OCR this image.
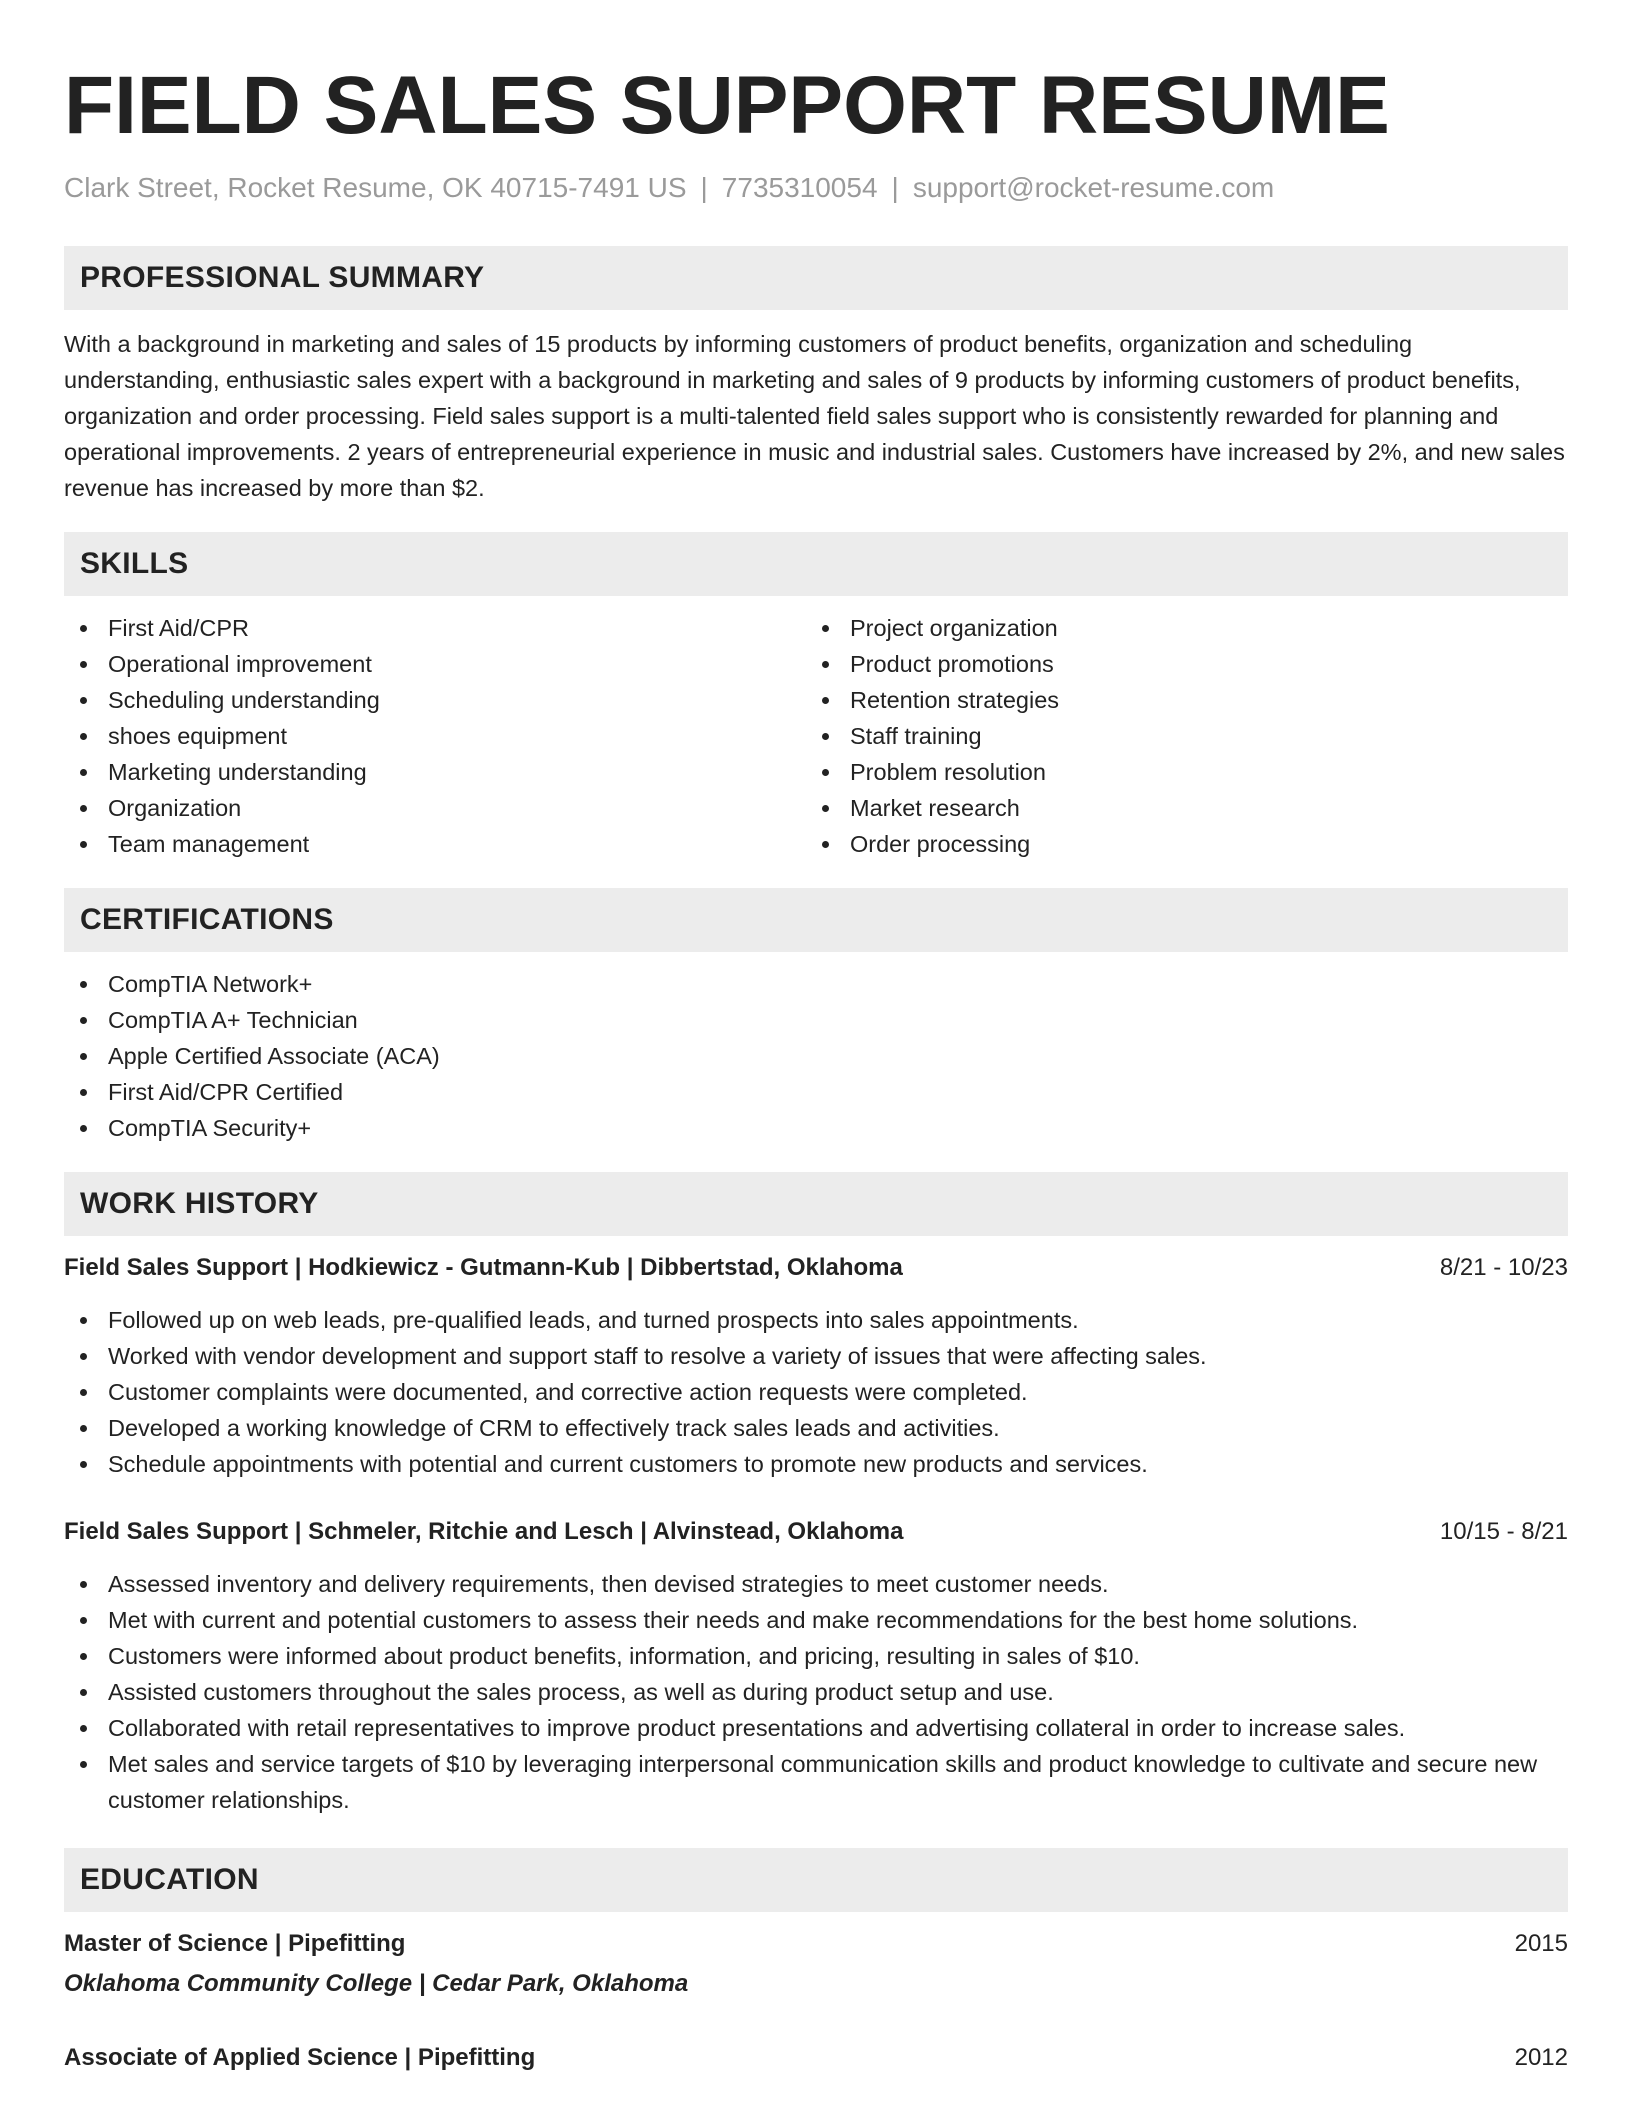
FIELD SALES SUPPORT RESUME
Clark Street, Rocket Resume, OK 40715-7491 US | 7735310054 | support@rocket-resume.com
PROFESSIONAL SUMMARY

With a background in marketing and sales of 15 products by informing customers of product benefits, organization and scheduling understanding, enthusiastic sales expert with a background in marketing and sales of 9 products by informing customers of product benefits, organization and order processing. Field sales support is a multi-talented field sales support who is consistently rewarded for planning and operational improvements. 2 years of entrepreneurial experience in music and industrial sales. Customers have increased by 2%, and new sales revenue has increased by more than $2.

SKILLS
First Aid/CPR
Operational improvement
Scheduling understanding
shoes equipment
Marketing understanding
Organization
Team management
Project organization
Product promotions
Retention strategies
Staff training
Problem resolution
Market research
Order processing
CERTIFICATIONS
CompTIA Network+
CompTIA A+ Technician
Apple Certified Associate (ACA)
First Aid/CPR Certified
CompTIA Security+
WORK HISTORY
Field Sales Support | Hodkiewicz - Gutmann-Kub | Dibbertstad, Oklahoma	8/21 - 10/23
Followed up on web leads, pre-qualified leads, and turned prospects into sales appointments.
Worked with vendor development and support staff to resolve a variety of issues that were affecting sales.
Customer complaints were documented, and corrective action requests were completed.
Developed a working knowledge of CRM to effectively track sales leads and activities.
Schedule appointments with potential and current customers to promote new products and services.
Field Sales Support | Schmeler, Ritchie and Lesch | Alvinstead, Oklahoma	10/15 - 8/21
Assessed inventory and delivery requirements, then devised strategies to meet customer needs.
Met with current and potential customers to assess their needs and make recommendations for the best home solutions.
Customers were informed about product benefits, information, and pricing, resulting in sales of $10.
Assisted customers throughout the sales process, as well as during product setup and use.
Collaborated with retail representatives to improve product presentations and advertising collateral in order to increase sales.
Met sales and service targets of $10 by leveraging interpersonal communication skills and product knowledge to cultivate and secure new customer relationships.
EDUCATION
Master of Science | Pipefitting	2015
Oklahoma Community College | Cedar Park, Oklahoma
Associate of Applied Science | Pipefitting	2012
